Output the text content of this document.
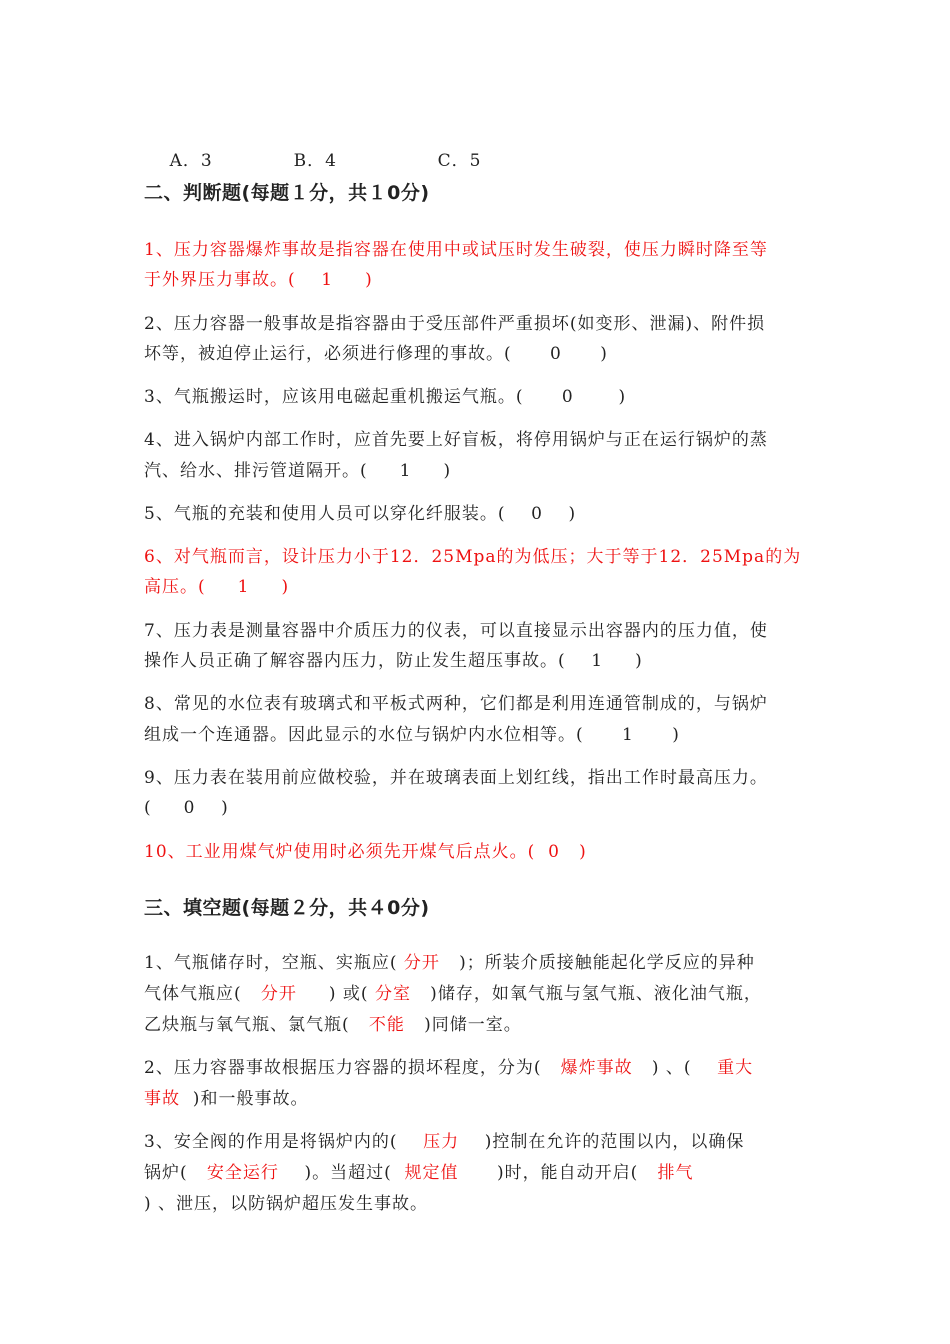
A．3	B．4	C．5

二、判断题(每题１分，共１0分)

1、压力容器爆炸事故是指容器在使用中或试压时发生破裂，使压力瞬时降至等

于外界压力事故。(    1     )

2、压力容器一般事故是指容器由于受压部件严重损坏(如变形、泄漏)、附件损

坏等，被迫停止运行，必须进行修理的事故。(      0      )

3、气瓶搬运时，应该用电磁起重机搬运气瓶。(      0       )

4、进入锅炉内部工作时，应首先要上好盲板，将停用锅炉与正在运行锅炉的蒸

汽、给水、排污管道隔开。(     1     )

5、气瓶的充装和使用人员可以穿化纤服装。(    0    )

6、对气瓶而言，设计压力小于12．25Mpa的为低压；大于等于12．25Mpa的为

高压。(     1     )

7、压力表是测量容器中介质压力的仪表，可以直接显示出容器内的压力值，使

操作人员正确了解容器内压力，防止发生超压事故。(    1     )

8、常见的水位表有玻璃式和平板式两种，它们都是利用连通管制成的，与锅炉

组成一个连通器。因此显示的水位与锅炉内水位相等。(      1      )

9、压力表在装用前应做校验，并在玻璃表面上划红线，指出工作时最高压力。

(     0    )

10、工业用煤气炉使用时必须先开煤气后点火。(  0   )

三、填空题(每题２分，共４0分)

1、气瓶储存时，空瓶、实瓶应( 分开   )；所装介质接触能起化学反应的异种

气体气瓶应(   分开     ) 或( 分室   )储存，如氧气瓶与氢气瓶、液化油气瓶，

乙炔瓶与氧气瓶、氯气瓶(   不能   )同储一室。

2、压力容器事故根据压力容器的损坏程度，分为(   爆炸事故   ) 、(    重大

事故  )和一般事故。

3、安全阀的作用是将锅炉内的(    压力    )控制在允许的范围以内，以确保

锅炉(   安全运行    )。当超过(  规定值      )时，能自动开启(   排气

) 、泄压，以防锅炉超压发生事故。
